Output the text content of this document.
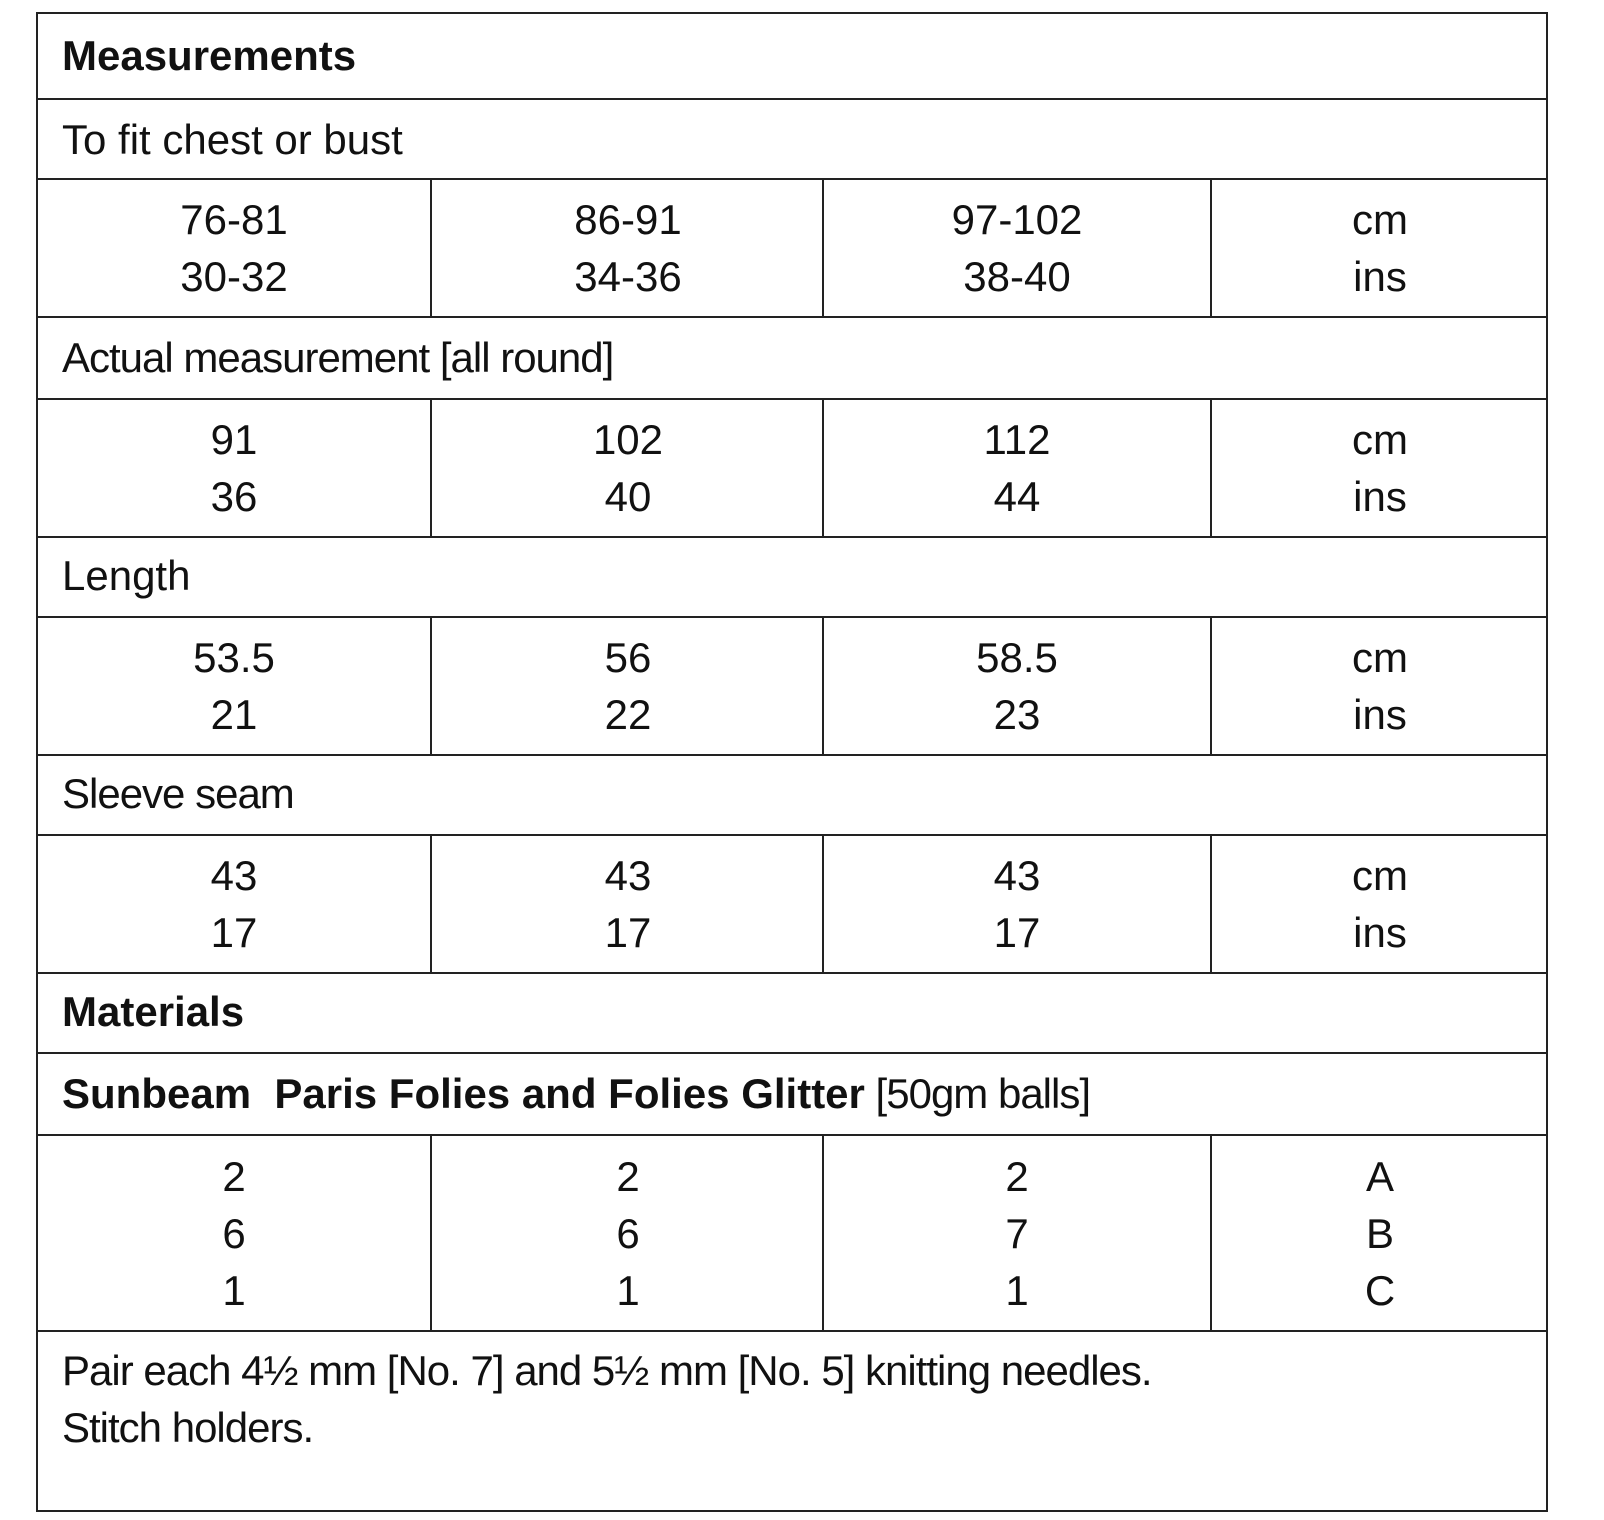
Measurements
To fit chest or bust
76-81
30-32
86-91
34-36
97-102
38-40
cm
ins
Actual measurement [all round]
91
36
102
40
112
44
cm
ins
Length
53.5
21
56
22
58.5
23
cm
ins
Sleeve seam
43
17
43
17
43
17
cm
ins
Materials
Sunbeam  Paris Folies and Folies Glitter [50gm balls]
2
6
1
2
6
1
2
7
1
A
B
C
Pair each 4½ mm [No. 7] and 5½ mm [No. 5] knitting needles.
Stitch holders.
